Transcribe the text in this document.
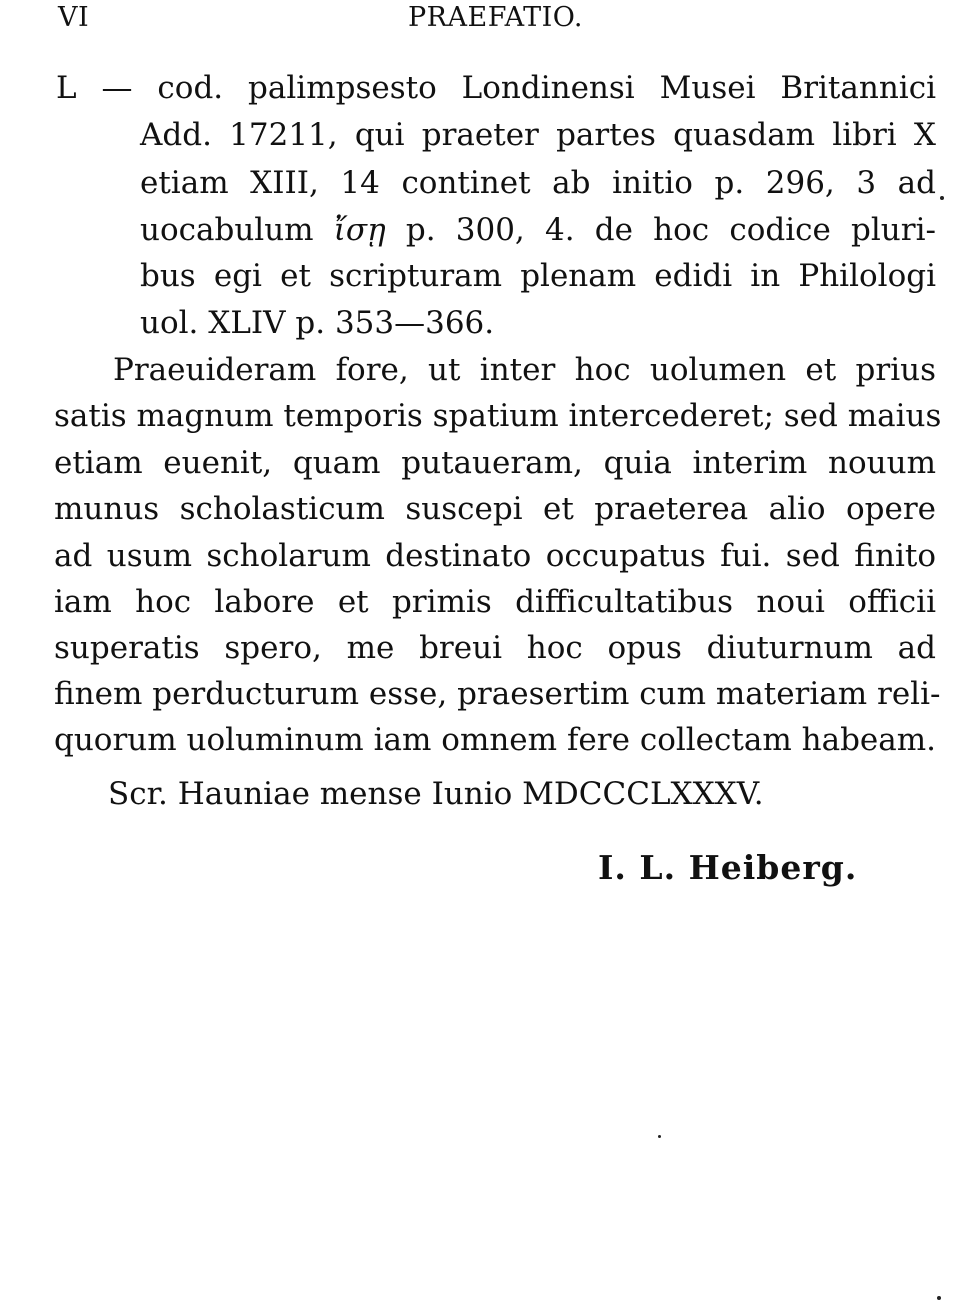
VI	PRAEFATIO.
L — cod. palimpsesto Londinensi Musei Britannici
Add. 17211, qui praeter partes quasdam libri X
etiam XIII, 14 continet ab initio p. 296, 3 ad
uocabulum ἴσῃ p. 300, 4. de hoc codice pluri-
bus egi et scripturam plenam edidi in Philologi
uol. XLIV p. 353—366.
Praeuideram fore, ut inter hoc uolumen et prius
satis magnum temporis spatium intercederet; sed maius
etiam euenit, quam putaueram, quia interim nouum
munus scholasticum suscepi et praeterea alio opere
ad usum scholarum destinato occupatus fui. sed finito
iam hoc labore et primis difficultatibus noui officii
superatis spero, me breui hoc opus diuturnum ad
finem perducturum esse, praesertim cum materiam reli-
quorum uoluminum iam omnem fere collectam habeam.
Scr. Hauniae mense Iunio MDCCCLXXXV.
I. L. Heiberg.
